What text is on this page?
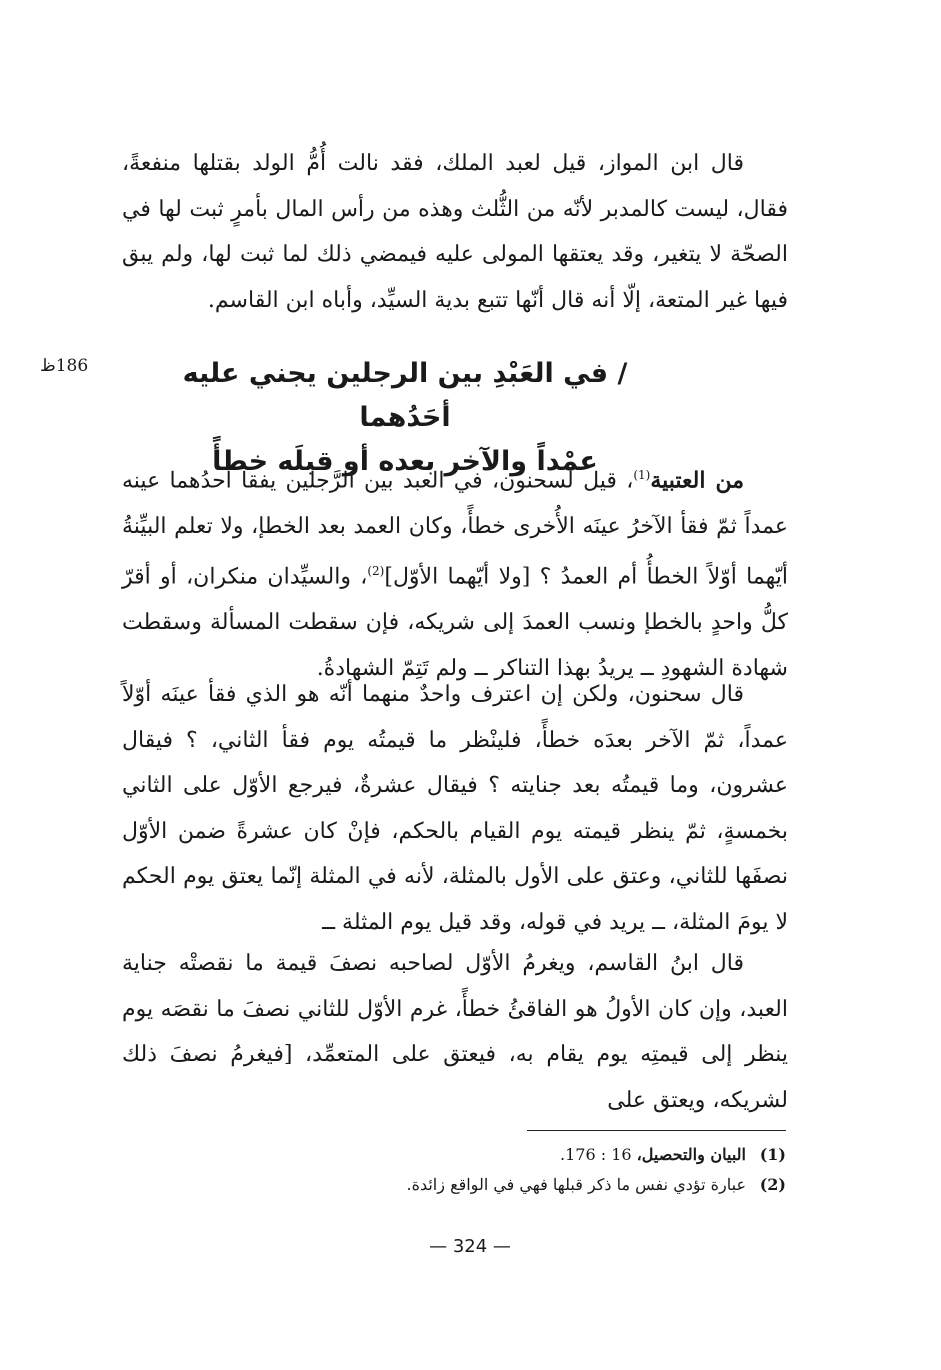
قال ابن المواز، قيل لعبد الملك، فقد نالت أُمُّ الولد بقتلها منفعةً، فقال، ليست كالمدبر لأنّه من الثُّلث وهذه من رأس المال بأمرٍ ثبت لها في الصحّة لا يتغير، وقد يعتقها المولى عليه فيمضي ذلك لما ثبت لها، ولم يبق فيها غير المتعة، إلّا أنه قال أنّها تتبع بدية السيِّد، وأباه ابن القاسم.

186ظ	/ في العَبْدِ بين الرجلين يجني عليه أحَدُهما
عمْداً والآخر بعده أو قبلَه خطأً

من العتبية$^{(1)}$، قيل لسحنون، في العبد بين الرَّجلين يفقأ أحدُهما عينه عمداً ثمّ فقأ الآخرُ عينَه الأُخرى خطأً، وكان العمد بعد الخطإ، ولا تعلم البيِّنةُ أيّهما أوّلاً الخطأُ أم العمدُ ؟ [ولا أيّهما الأوّل]$^{(2)}$، والسيِّدان منكران، أو أقرّ كلُّ واحدٍ بالخطإ ونسب العمدَ إلى شريكه، فإن سقطت المسألة وسقطت شهادة الشهودِ ــ يريدُ بهذا التناكر ــ ولم تَتِمّ الشهادةُ.

قال سحنون، ولكن إن اعترف واحدٌ منهما أنّه هو الذي فقأ عينَه أوّلاً عمداً، ثمّ الآخر بعدَه خطأً، فلينْظر ما قيمتُه يوم فقأ الثاني، ؟ فيقال عشرون، وما قيمتُه بعد جنايته ؟ فيقال عشرةٌ، فيرجع الأوّل على الثاني بخمسةٍ، ثمّ ينظر قيمته يوم القيام بالحكم، فإنْ كان عشرةً ضمن الأوّل نصفَها للثاني، وعتق على الأول بالمثلة، لأنه في المثلة إنّما يعتق يوم الحكم لا يومَ المثلة، ــ يريد في قوله، وقد قيل يوم المثلة ــ

قال ابنُ القاسم، ويغرمُ الأوّل لصاحبه نصفَ قيمة ما نقصتْه جناية العبد، وإن كان الأولُ هو الفاقئُ خطأً، غرم الأوّل للثاني نصفَ ما نقصَه يوم ينظر إلى قيمتِه يوم يقام به، فيعتق على المتعمِّد، [فيغرمُ نصفَ ذلك لشريكه، ويعتق على

(1)
البيان والتحصيل، 16 : 176.
(2)
عبارة تؤدي نفس ما ذكر قبلها فهي في الواقع زائدة.
— 324 —
